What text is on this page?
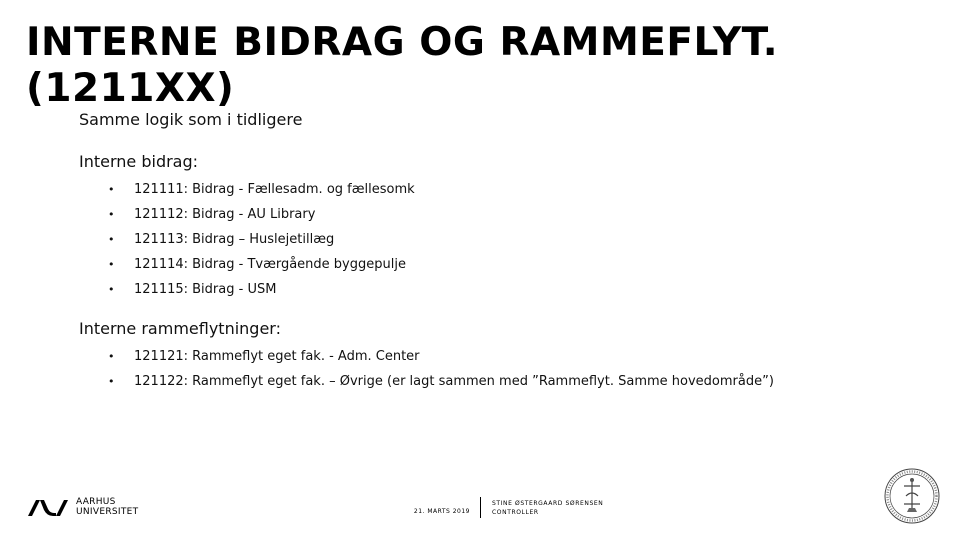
INTERNE BIDRAG OG RAMMEFLYT.
(1211XX)
Samme logik som i tidligere
Interne bidrag:
•	121111: Bidrag - Fællesadm. og fællesomk
•	121112: Bidrag - AU Library
•	121113: Bidrag – Huslejetillæg
•	121114: Bidrag - Tværgående byggepulje
•	121115: Bidrag - USM
Interne rammeflytninger:
•	121121: Rammeflyt eget fak. - Adm. Center
•	121122: Rammeflyt eget fak. – Øvrige (er lagt sammen med ”Rammeflyt. Samme hovedområde”)
AARHUS
UNIVERSITET	21. MARTS 2019
STINE ØSTERGAARD SØRENSEN
CONTROLLER
